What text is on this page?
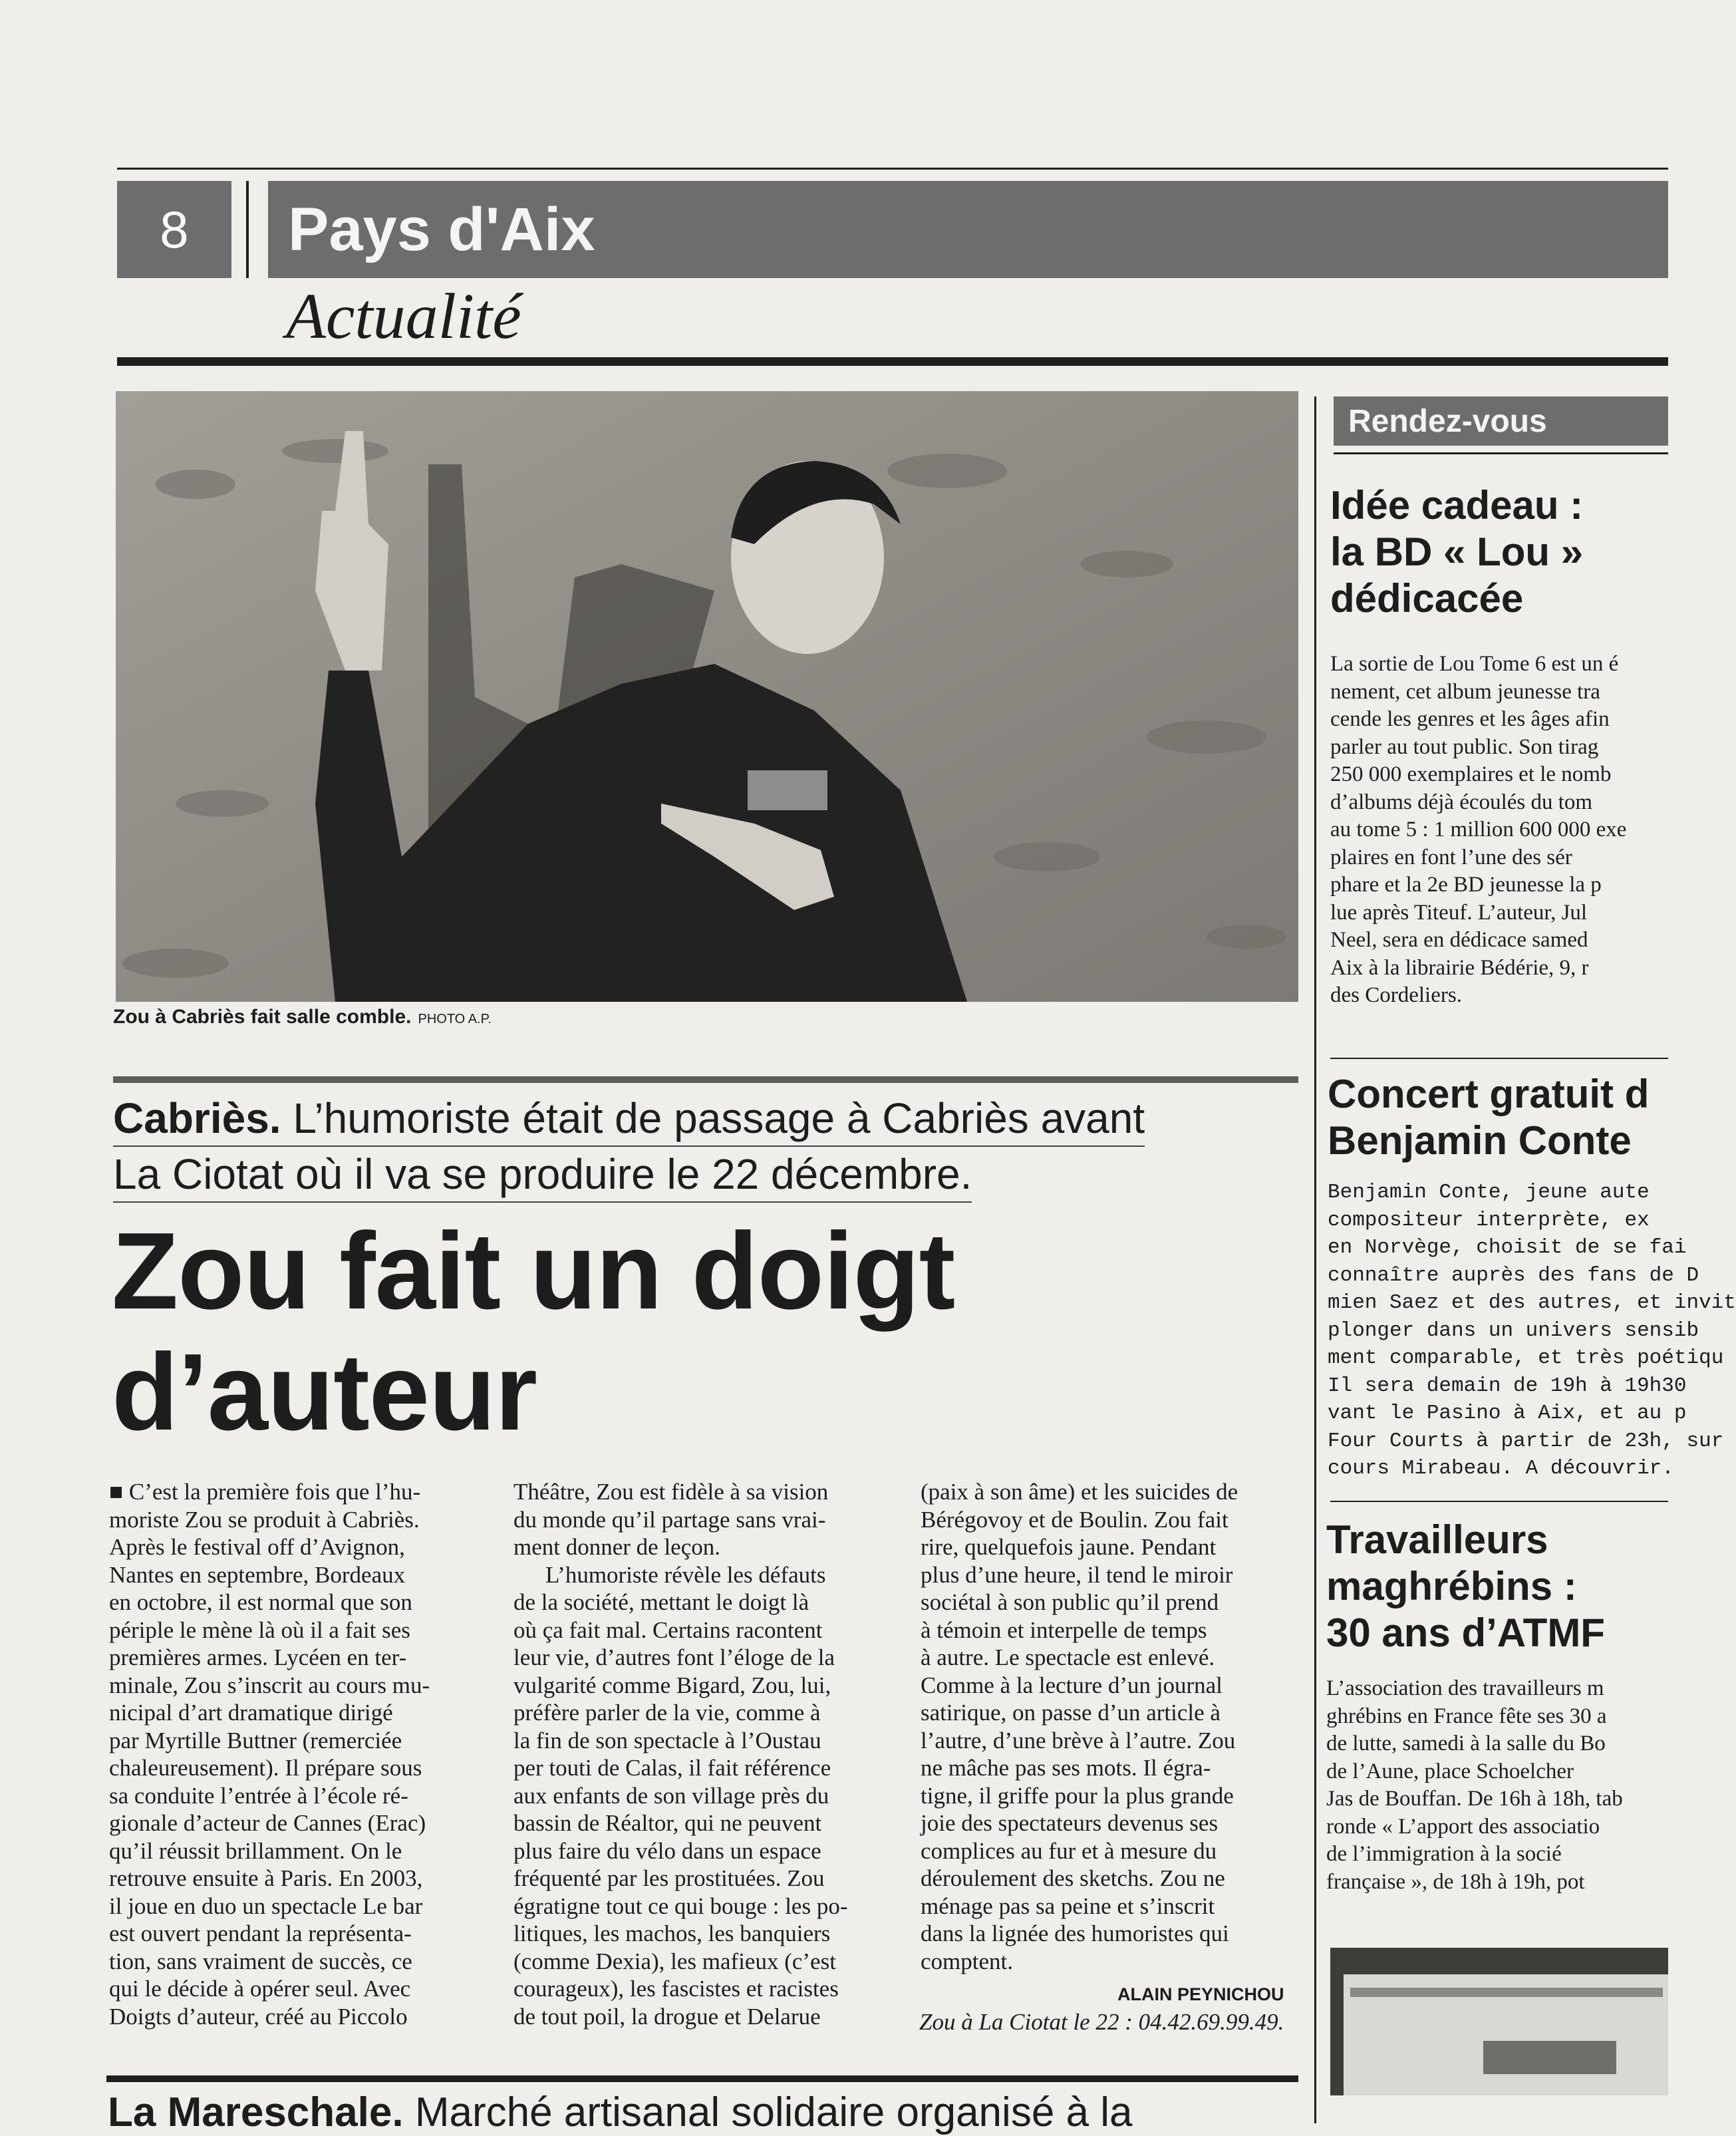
8	Pays d'Aix
Actualité
Zou à Cabriès fait salle comble. PHOTO A.P.
Cabriès. L’humoriste était de passage à Cabriès avant
La Ciotat où il va se produire le 22 décembre.
Zou fait un doigt
d’auteur
■ C’est la première fois que l’hu-
moriste Zou se produit à Cabriès.
Après le festival off d’Avignon,
Nantes en septembre, Bordeaux
en octobre, il est normal que son
périple le mène là où il a fait ses
premières armes. Lycéen en ter-
minale, Zou s’inscrit au cours mu-
nicipal d’art dramatique dirigé
par Myrtille Buttner (remerciée
chaleureusement). Il prépare sous
sa conduite l’entrée à l’école ré-
gionale d’acteur de Cannes (Erac)
qu’il réussit brillamment. On le
retrouve ensuite à Paris. En 2003,
il joue en duo un spectacle Le bar
est ouvert pendant la représenta-
tion, sans vraiment de succès, ce
qui le décide à opérer seul. Avec
Doigts d’auteur, créé au Piccolo
Théâtre, Zou est fidèle à sa vision
du monde qu’il partage sans vrai-
ment donner de leçon.
L’humoriste révèle les défauts
de la société, mettant le doigt là
où ça fait mal. Certains racontent
leur vie, d’autres font l’éloge de la
vulgarité comme Bigard, Zou, lui,
préfère parler de la vie, comme à
la fin de son spectacle à l’Oustau
per touti de Calas, il fait référence
aux enfants de son village près du
bassin de Réaltor, qui ne peuvent
plus faire du vélo dans un espace
fréquenté par les prostituées. Zou
égratigne tout ce qui bouge : les po-
litiques, les machos, les banquiers
(comme Dexia), les mafieux (c’est
courageux), les fascistes et racistes
de tout poil, la drogue et Delarue
(paix à son âme) et les suicides de
Bérégovoy et de Boulin. Zou fait
rire, quelquefois jaune. Pendant
plus d’une heure, il tend le miroir
sociétal à son public qu’il prend
à témoin et interpelle de temps
à autre. Le spectacle est enlevé.
Comme à la lecture d’un journal
satirique, on passe d’un article à
l’autre, d’une brève à l’autre. Zou
ne mâche pas ses mots. Il égra-
tigne, il griffe pour la plus grande
joie des spectateurs devenus ses
complices au fur et à mesure du
déroulement des sketchs. Zou ne
ménage pas sa peine et s’inscrit
dans la lignée des humoristes qui
comptent.
ALAIN PEYNICHOU
Zou à La Ciotat le 22 : 04.42.69.99.49.
Rendez-vous
Idée cadeau :
la BD « Lou »
dédicacée
La sortie de Lou Tome 6 est un é
nement, cet album jeunesse tra
cende les genres et les âges afin
parler au tout public. Son tirag
250 000 exemplaires et le nomb
d’albums déjà écoulés du tom
au tome 5 : 1 million 600 000 exe
plaires en font l’une des sér
phare et la 2e BD jeunesse la p
lue après Titeuf. L’auteur, Jul
Neel, sera en dédicace samed
Aix à la librairie Bédérie, 9, r
des Cordeliers.
Concert gratuit d
Benjamin Conte
Benjamin Conte, jeune aute
compositeur interprète, ex
en Norvège, choisit de se fai
connaître auprès des fans de D
mien Saez et des autres, et invit
plonger dans un univers sensib
ment comparable, et très poétiqu
Il sera demain de 19h à 19h30
vant le Pasino à Aix, et au p
Four Courts à partir de 23h, sur
cours Mirabeau. A découvrir.
Travailleurs
maghrébins :
30 ans d’ATMF
L’association des travailleurs m
ghrébins en France fête ses 30 a
de lutte, samedi à la salle du Bo
de l’Aune, place Schoelcher
Jas de Bouffan. De 16h à 18h, tab
ronde « L’apport des associatio
de l’immigration à la socié
française », de 18h à 19h, pot
La Mareschale. Marché artisanal solidaire organisé à la
